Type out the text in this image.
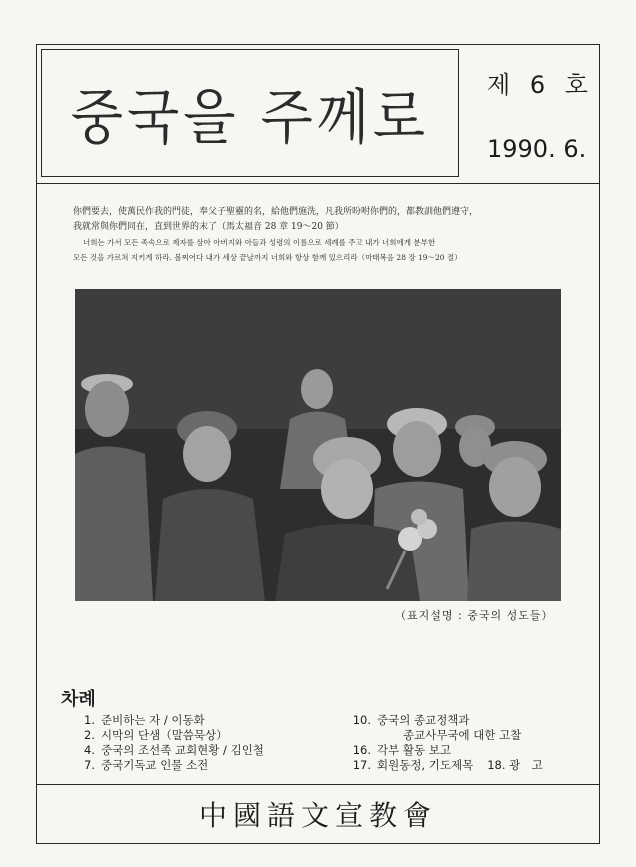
중국을 주께로 제 6 호
1990. 6.
你們要去，使萬民作我的門徒，奉父子聖靈的名，給他們施洗，凡我所吩咐你們的，都教訓他們遵守，
我就常與你們同在，直到世界的末了（馬太福音 28 章 19～20 節）
너희는 가서 모든 족속으로 제자를 삼아 아버지와 아들과 성령의 이름으로 세례를 주고 내가 너희에게 분부한
모든 것을 가르쳐 지키게 하라. 볼찌어다 내가 세상 끝날까지 너희와 항상 함께 있으리라（마태복음 28 장 19～20 절）
（표지설명 : 중국의 성도들）
차례
1. 준비하는 자 / 이동화
2. 시막의 단샘（말씀묵상）
4. 중국의 조선족 교회현황 / 김인철
7. 중국기독교 인물 소전
10. 중국의 종교정책과
종교사무국에 대한 고찰
16. 각부 활동 보고
17. 회원동정, 기도제목 18. 광　고
中國語文宣教會
